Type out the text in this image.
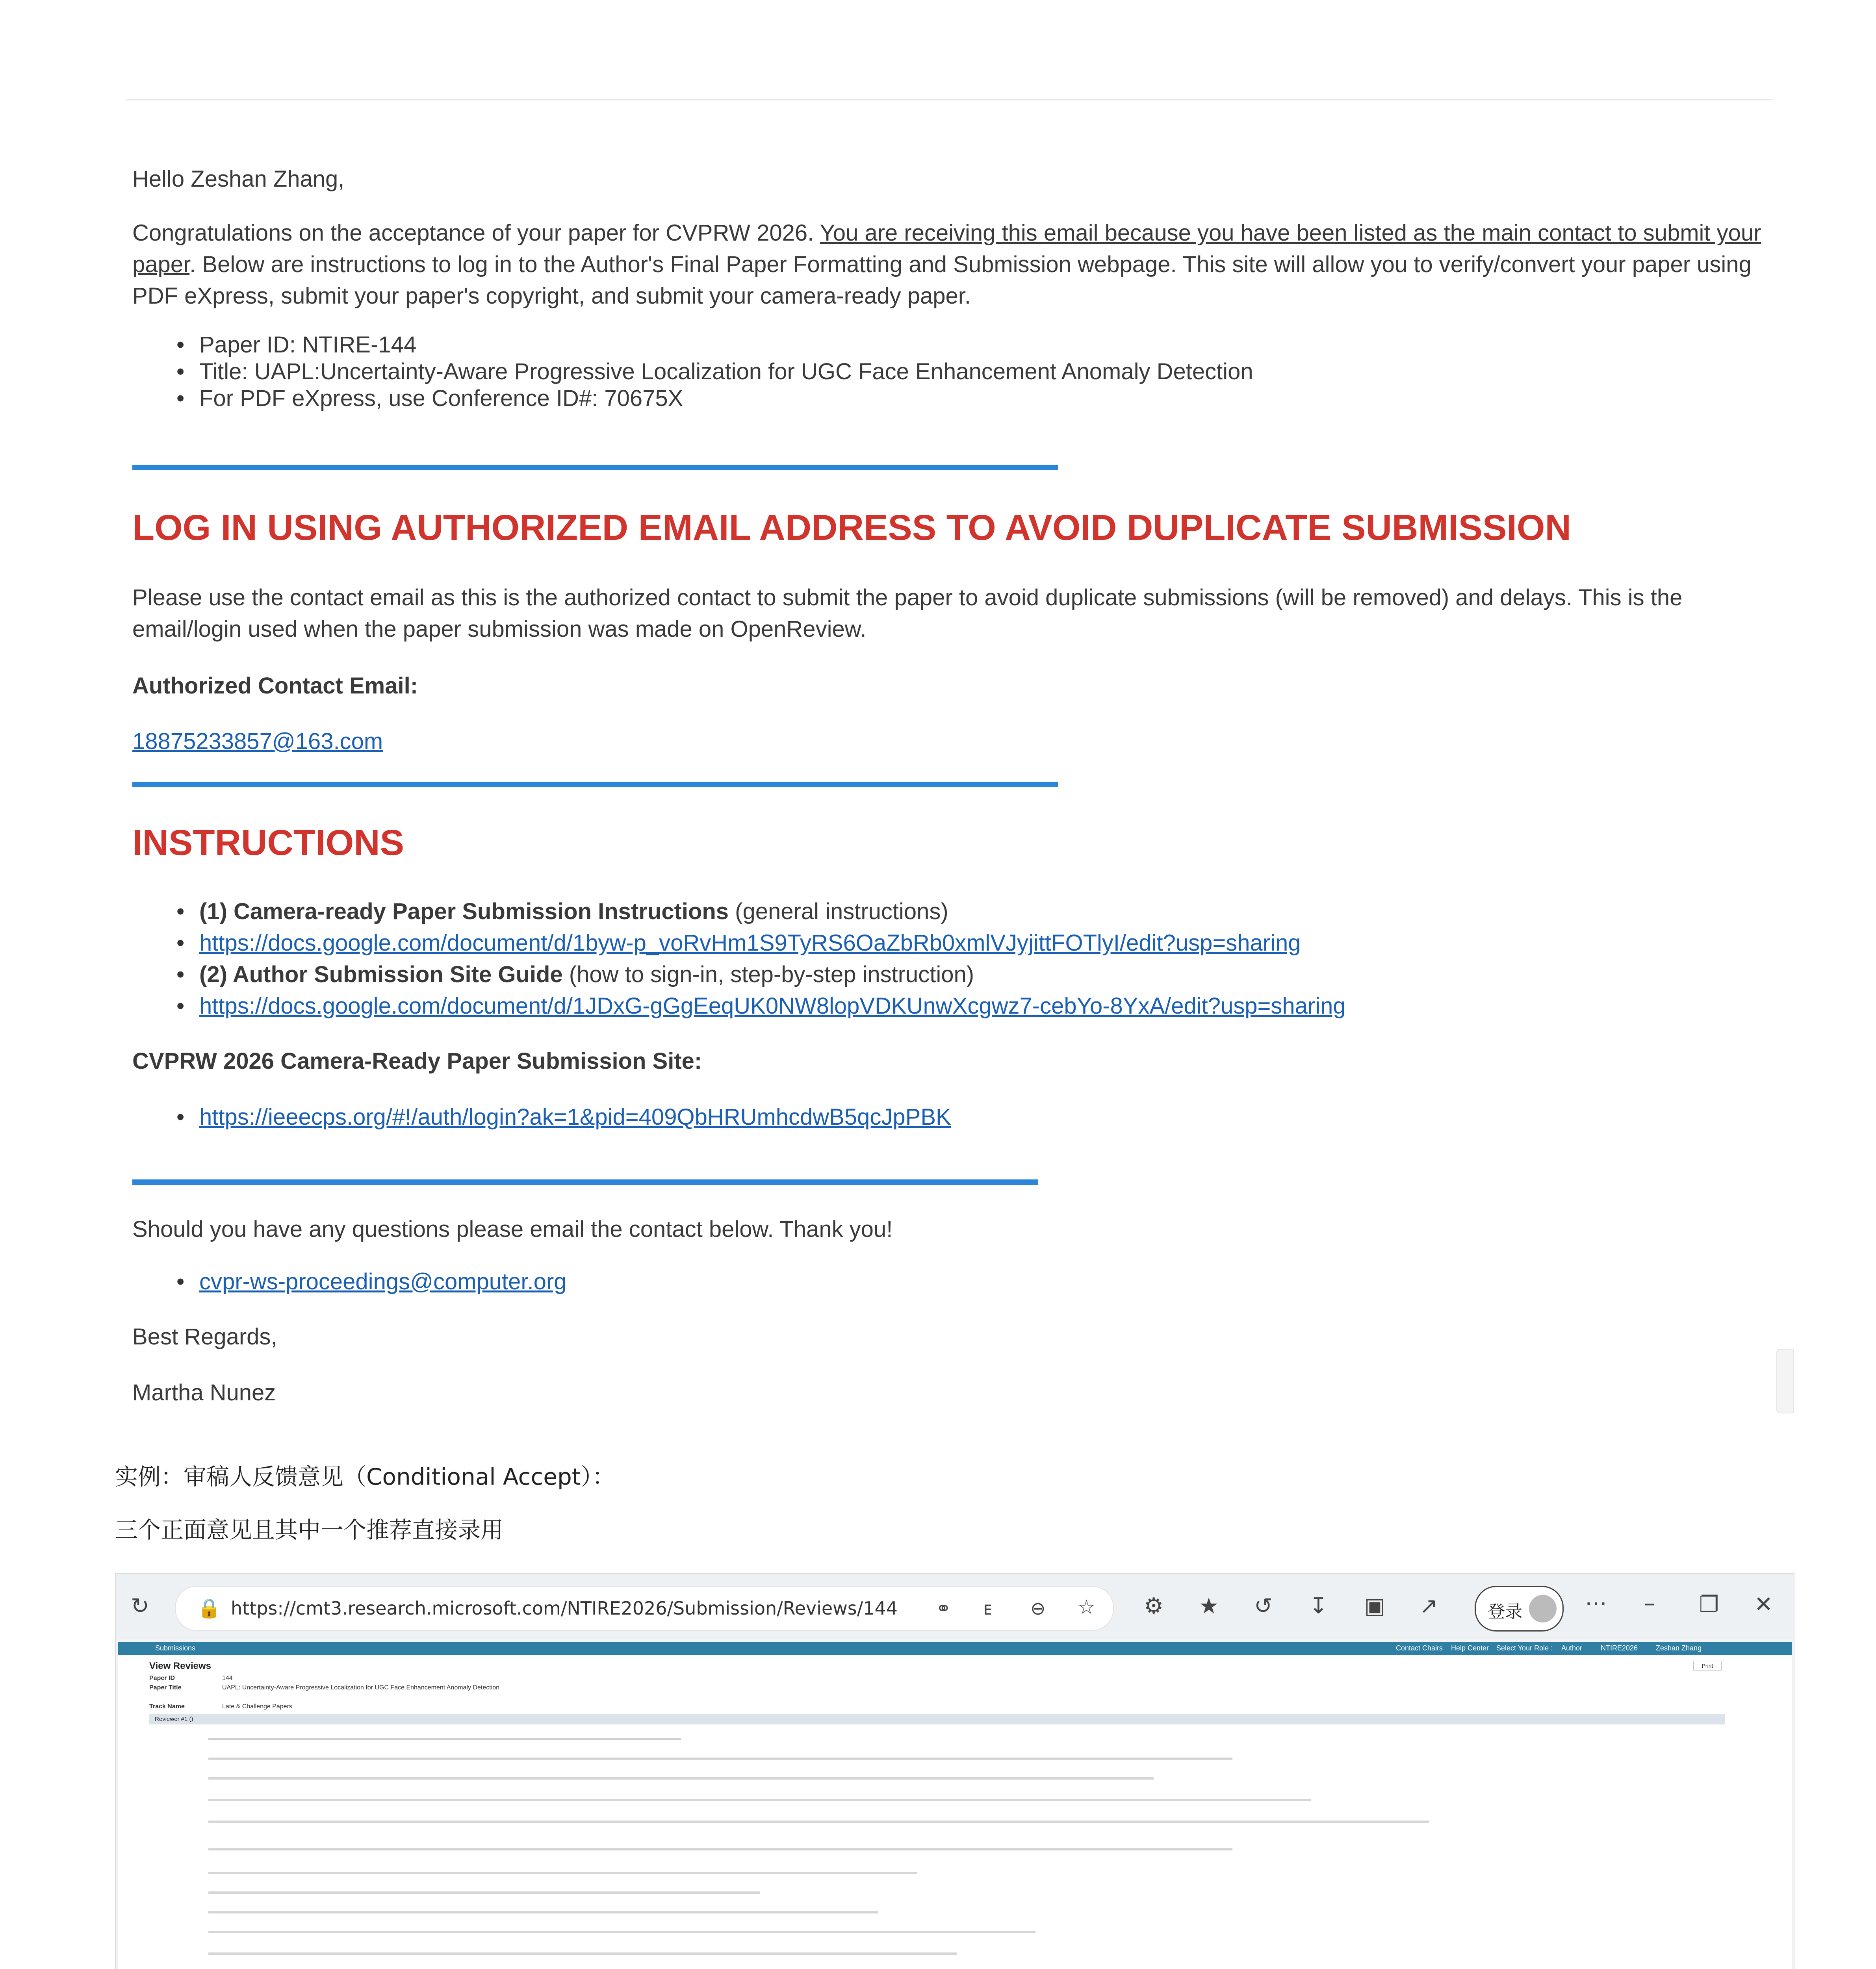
Hello Zeshan Zhang,
Congratulations on the acceptance of your paper for CVPRW 2026. You are receiving this email because you have been listed as the main contact to submit your paper. Below are instructions to log in to the Author's Final Paper Formatting and Submission webpage. This site will allow you to verify/convert your paper using PDF eXpress, submit your paper's copyright, and submit your camera-ready paper.
• Paper ID: NTIRE-144
• Title: UAPL:Uncertainty-Aware Progressive Localization for UGC Face Enhancement Anomaly Detection
• For PDF eXpress, use Conference ID#: 70675X
LOG IN USING AUTHORIZED EMAIL ADDRESS TO AVOID DUPLICATE SUBMISSION
Please use the contact email as this is the authorized contact to submit the paper to avoid duplicate submissions (will be removed) and delays. This is the email/login used when the paper submission was made on OpenReview.
Authorized Contact Email:
18875233857@163.com
INSTRUCTIONS
• (1) Camera-ready Paper Submission Instructions (general instructions)
• https://docs.google.com/document/d/1byw-p_voRvHm1S9TyRS6OaZbRb0xmlVJyjittFOTlyI/edit?usp=sharing
• (2) Author Submission Site Guide (how to sign-in, step-by-step instruction)
• https://docs.google.com/document/d/1JDxG-gGgEeqUK0NW8lopVDKUnwXcgwz7-cebYo-8YxA/edit?usp=sharing
CVPRW 2026 Camera-Ready Paper Submission Site:
• https://ieeecps.org/#!/auth/login?ak=1&pid=409QbHRUmhcdwB5qcJpPBK
Should you have any questions please email the contact below. Thank you!
• cvpr-ws-proceedings@computer.org
Best Regards,
Martha Nunez
实例：审稿人反馈意见（Conditional Accept）：
三个正面意见且其中一个推荐直接录用
↻	🔒 https://cmt3.research.microsoft.com/NTIRE2026/Submission/Reviews/144 ⚭ ᴇ ⊖ ☆ ⚙ ★ ↺ ↧ ▣ ↗	登录	⋯ – ❐ ✕
Submissions	Contact Chairs Help Center Select Your Role : Author	NTIRE2026	Zeshan Zhang
View Reviews	Print
Paper ID	144
Paper Title	UAPL: Uncertainty-Aware Progressive Localization for UGC Face Enhancement Anomaly Detection
Track Name	Late & Challenge Papers
Reviewer #1 ()
